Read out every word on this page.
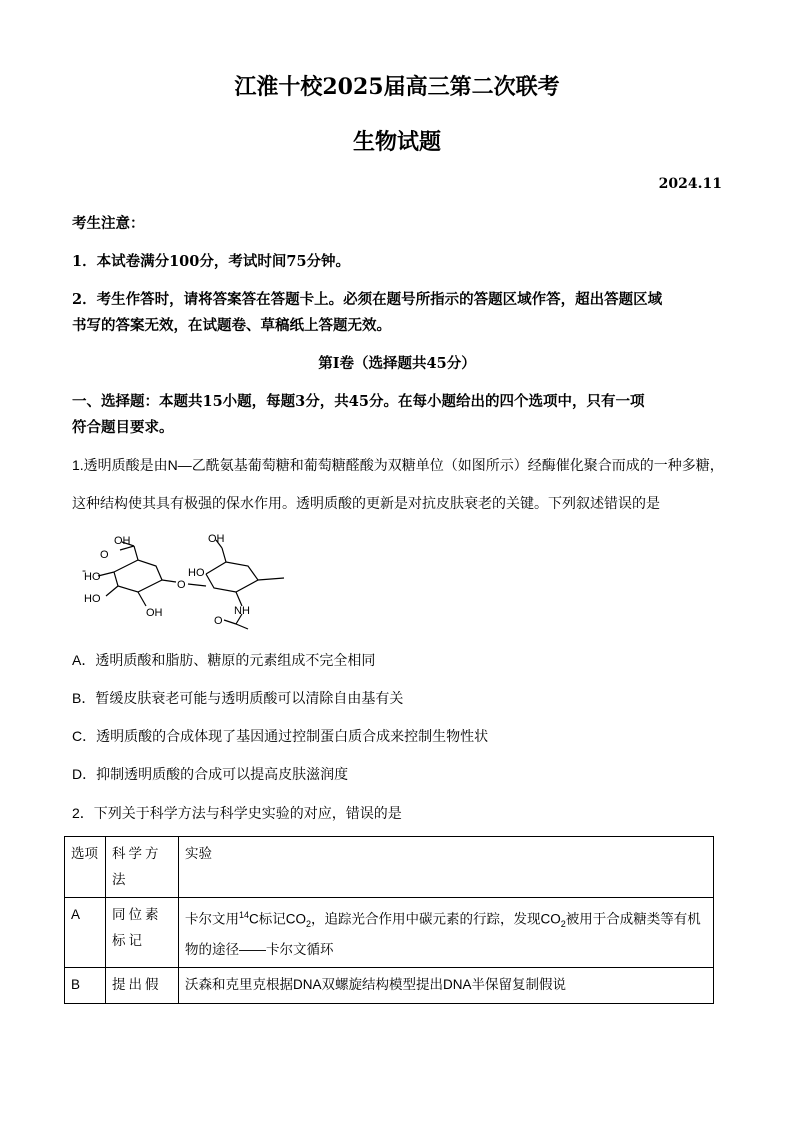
江淮十校2025届高三第二次联考
生物试题
2024.11
考生注意：
1．本试卷满分100分，考试时间75分钟。
2．考生作答时，请将答案答在答题卡上。必须在题号所指示的答题区域作答，超出答题区域
书写的答案无效，在试题卷、草稿纸上答题无效。
第Ⅰ卷（选择题共45分）
一、选择题：本题共15小题，每题3分，共45分。在每小题给出的四个选项中，只有一项
符合题目要求。
1.透明质酸是由N—乙酰氨基葡萄糖和葡萄糖醛酸为双糖单位（如图所示）经酶催化聚合而成的一种多糖，
这种结构使其具有极强的保水作用。透明质酸的更新是对抗皮肤衰老的关键。下列叙述错误的是
OH
O
-
HO
HO
OH
O
HO
OH
NH
O
A．透明质酸和脂肪、糖原的元素组成不完全相同
B．暂缓皮肤衰老可能与透明质酸可以清除自由基有关
C．透明质酸的合成体现了基因通过控制蛋白质合成来控制生物性状
D．抑制透明质酸的合成可以提高皮肤滋润度
2．下列关于科学方法与科学史实验的对应，错误的是
选项	科学方法	实验
A	同位素标记	卡尔文用$^{14}$C标记$CO_2$，追踪光合作用中碳元素的行踪，发现$CO_2$被用于合成糖类等有机物的途径——卡尔文循环
B	提出假	沃森和克里克根据DNA双螺旋结构模型提出DNA半保留复制假说
